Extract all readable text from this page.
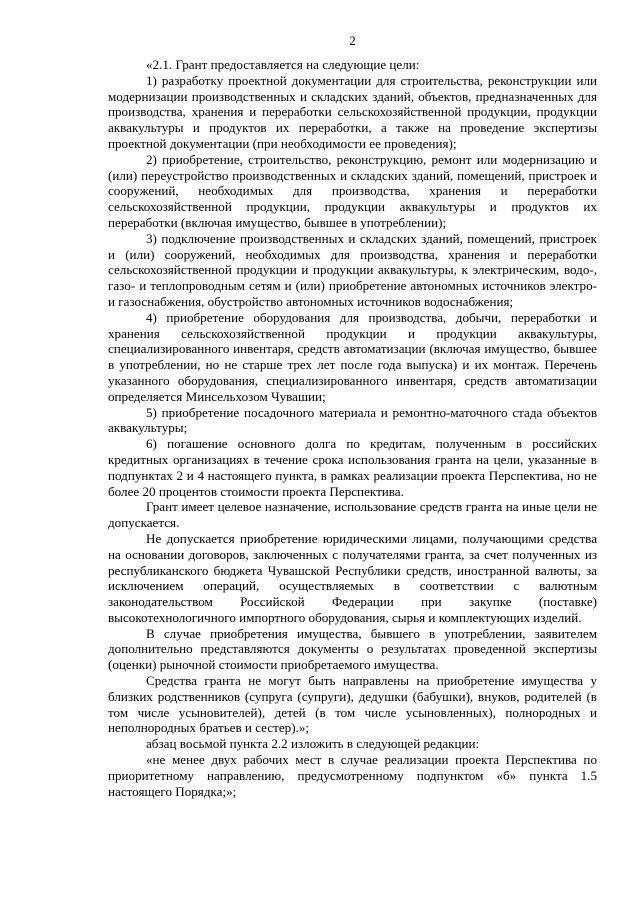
2

«2.1. Грант предоставляется на следующие цели:

1) разработку проектной документации для строительства, реконструкции или модернизации производственных и складских зданий, объектов, предназначенных для производства, хранения и переработки сельскохозяйственной продукции, продукции аквакультуры и продуктов их переработки, а также на проведение экспертизы проектной документации (при необходимости ее проведения);

2) приобретение, строительство, реконструкцию, ремонт или модернизацию и (или) переустройство производственных и складских зданий, помещений, пристроек и сооружений, необходимых для производства, хранения и переработки сельскохозяйственной продукции, продукции аквакультуры и продуктов их переработки (включая имущество, бывшее в употреблении);

3) подключение производственных и складских зданий, помещений, пристроек и (или) сооружений, необходимых для производства, хранения и переработки сельскохозяйственной продукции и продукции аквакультуры, к электрическим, водо-, газо- и теплопроводным сетям и (или) приобретение автономных источников электро- и газоснабжения, обустройство автономных источников водоснабжения;

4) приобретение оборудования для производства, добычи, переработки и хранения сельскохозяйственной продукции и продукции аквакультуры, специализированного инвентаря, средств автоматизации (включая имущество, бывшее в употреблении, но не старше трех лет после года выпуска) и их монтаж. Перечень указанного оборудования, специализированного инвентаря, средств автоматизации определяется Минсельхозом Чувашии;

5) приобретение посадочного материала и ремонтно-маточного стада объектов аквакультуры;

6) погашение основного долга по кредитам, полученным в российских кредитных организациях в течение срока использования гранта на цели, указанные в подпунктах 2 и 4 настоящего пункта, в рамках реализации проекта Перспектива, но не более 20 процентов стоимости проекта Перспектива.

Грант имеет целевое назначение, использование средств гранта на иные цели не допускается.

Не допускается приобретение юридическими лицами, получающими средства на основании договоров, заключенных с получателями гранта, за счет полученных из республиканского бюджета Чувашской Республики средств, иностранной валюты, за исключением операций, осуществляемых в соответствии с валютным законодательством Российской Федерации при закупке (поставке) высокотехнологичного импортного оборудования, сырья и комплектующих изделий.

В случае приобретения имущества, бывшего в употреблении, заявителем дополнительно представляются документы о результатах проведенной экспертизы (оценки) рыночной стоимости приобретаемого имущества.

Средства гранта не могут быть направлены на приобретение имущества у близких родственников (супруга (супруги), дедушки (бабушки), внуков, родителей (в том числе усыновителей), детей (в том числе усыновленных), полнородных и неполнородных братьев и сестер).»;

абзац восьмой пункта 2.2 изложить в следующей редакции:

«не менее двух рабочих мест в случае реализации проекта Перспектива по приоритетному направлению, предусмотренному подпунктом «б» пункта 1.5 настоящего Порядка;»;
